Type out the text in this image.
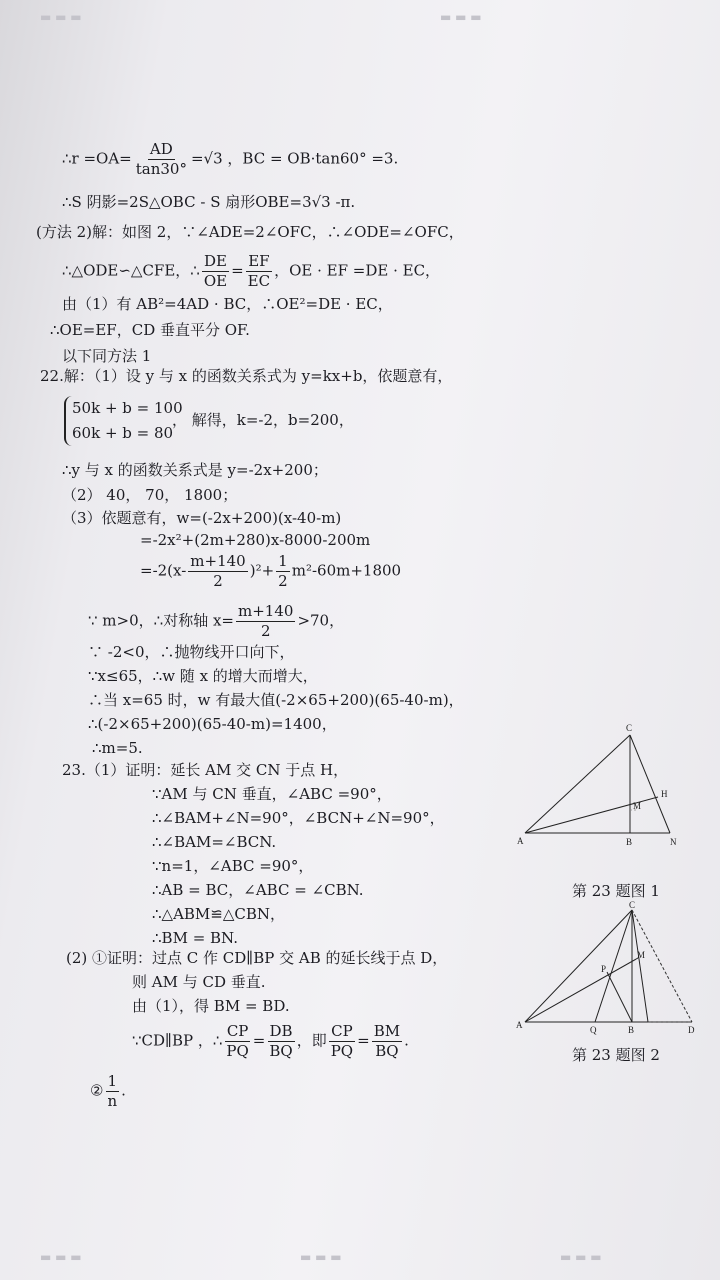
▬ ▬ ▬	▬ ▬ ▬
▬ ▬ ▬	▬ ▬ ▬	▬ ▬ ▬
∴r $=OA= \frac{AD}{\tan 30^\circ} =√3$ ，BC = OB·tan60° =3.
∴S 阴影=2S△OBC - S 扇形OBE=3√3 -π.
(方法 2)解：如图 2，∵∠ADE=2∠OFC，∴∠ODE=∠OFC，
∴△ODE∽△CFE，∴ $\frac{DE}{OE} = \frac{EF}{EC}$ ，OE · EF =DE · EC，
由（1）有 AB²=4AD · BC，∴OE²=DE · EC，
∴OE=EF，CD 垂直平分 OF.
以下同方法 1
22.解：（1）设 y 与 x 的函数关系式为 y=kx+b，依题意有，
50k + b = 100
60k + b = 80
， 解得，k=-2，b=200，
∴y 与 x 的函数关系式是 y=-2x+200；
（2） 40， 70， 1800；
（3）依题意有，w=(-2x+200)(x-40-m)
=-2x²+(2m+280)x-8000-200m
$=-2(x- \frac{m+140}{2} )^2+ \frac{1}{2} m^2-60m+1800$
∵ m>0，∴对称轴 $x= \frac{m+140}{2} >70$，
∵ -2<0，∴抛物线开口向下，
∵x≤65，∴w 随 x 的增大而增大，
∴当 x=65 时，w 有最大值(-2×65+200)(65-40-m)，
∴(-2×65+200)(65-40-m)=1400，
∴m=5.
23.（1）证明：延长 AM 交 CN 于点 H，
∵AM 与 CN 垂直，∠ABC =90°，
∴∠BAM+∠N=90°，∠BCN+∠N=90°，
∴∠BAM=∠BCN.
∵n=1，∠ABC =90°，
∴AB = BC，∠ABC = ∠CBN.
∴△ABM≌△CBN，
∴BM = BN.
(2) ①证明：过点 C 作 CD∥BP 交 AB 的延长线于点 D，
则 AM 与 CD 垂直.
由（1），得 BM = BD.
∵CD∥BP ，∴ $\frac{CP}{PQ} = \frac{DB}{BQ}$ ，即 $\frac{CP}{PQ} = \frac{BM}{BQ}$ .
② $\frac{1}{n}$ .
C
H
M
A	B	N
第 23 题图 1
C
M
P
A	Q	B	D
第 23 题图 2
